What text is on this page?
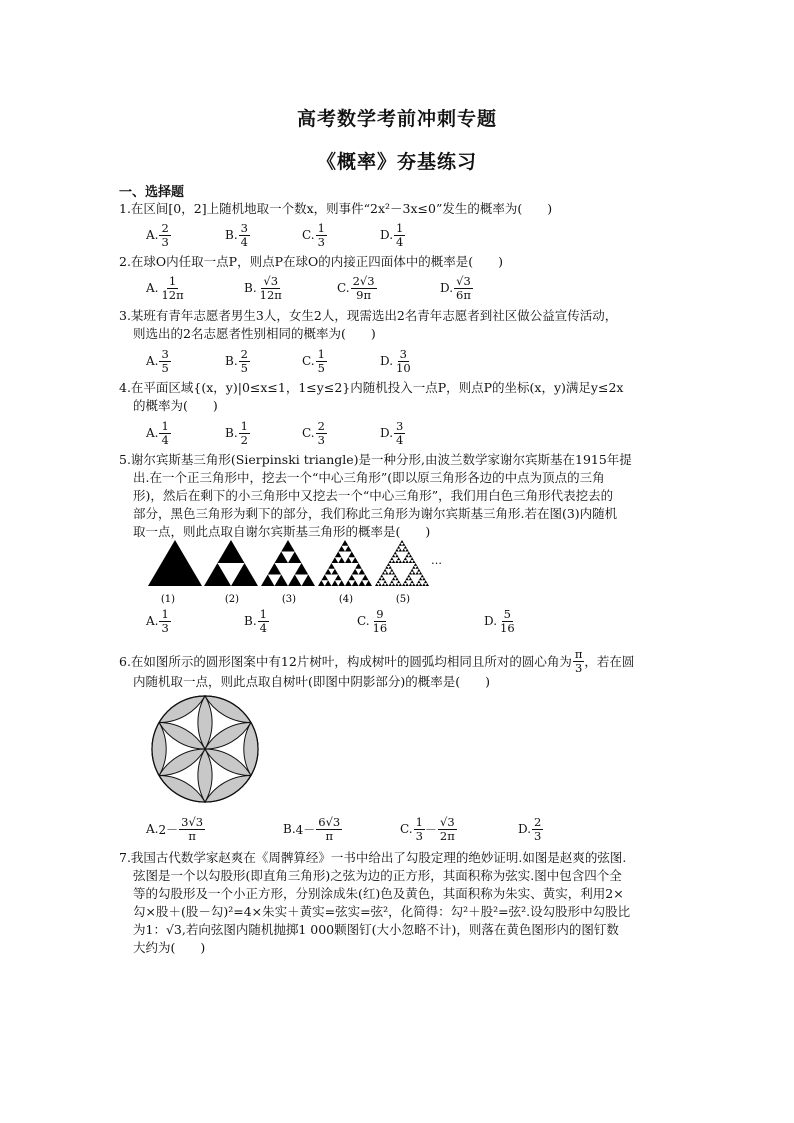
高考数学考前冲刺专题
《概率》夯基练习
一、选择题
1.在区间[0，2]上随机地取一个数x，则事件“2x²－3x≤0”发生的概率为(　　)
A. $\frac{2}{3}$	B. $\frac{3}{4}$	C. $\frac{1}{3}$	D. $\frac{1}{4}$
2.在球O内任取一点P，则点P在球O的内接正四面体中的概率是(　　)
A. $\frac{1}{12\pi}$	B. $\frac{√3}{12\pi}$	C. $\frac{2√3}{9\pi}$	D. $\frac{√3}{6\pi}$
3.某班有青年志愿者男生3人，女生2人，现需选出2名青年志愿者到社区做公益宣传活动，
则选出的2名志愿者性别相同的概率为(　　)
A. $\frac{3}{5}$	B. $\frac{2}{5}$	C. $\frac{1}{5}$	D. $\frac{3}{10}$
4.在平面区域{(x，y)|0≤x≤1，1≤y≤2}内随机投入一点P，则点P的坐标(x，y)满足y≤2x
的概率为(　　)
A. $\frac{1}{4}$	B. $\frac{1}{2}$	C. $\frac{2}{3}$	D. $\frac{3}{4}$
5.谢尔宾斯基三角形(Sierpinski triangle)是一种分形,由波兰数学家谢尔宾斯基在1915年提
出.在一个正三角形中，挖去一个“中心三角形”(即以原三角形各边的中点为顶点的三角
形)，然后在剩下的小三角形中又挖去一个“中心三角形”，我们用白色三角形代表挖去的
部分，黑色三角形为剩下的部分，我们称此三角形为谢尔宾斯基三角形.若在图(3)内随机
取一点，则此点取自谢尔宾斯基三角形的概率是(　　)
(1)	(2)	(3)	(4)	(5)
…
A. $\frac{1}{3}$	B. $\frac{1}{4}$	C. $\frac{9}{16}$	D. $\frac{5}{16}$
6.在如图所示的圆形图案中有12片树叶，构成树叶的圆弧均相同且所对的圆心角为 $\frac{\pi}{3}$ ，若在圆
内随机取一点，则此点取自树叶(即图中阴影部分)的概率是(　　)
A. $2- \frac{3√3}{\pi}$	B. $4- \frac{6√3}{\pi}$	C. $\frac{1}{3} - \frac{√3}{2\pi}$	D. $\frac{2}{3}$
7.我国古代数学家赵爽在《周髀算经》一书中给出了勾股定理的绝妙证明.如图是赵爽的弦图.
弦图是一个以勾股形(即直角三角形)之弦为边的正方形，其面积称为弦实.图中包含四个全
等的勾股形及一个小正方形，分别涂成朱(红)色及黄色，其面积称为朱实、黄实，利用2×
勾×股＋(股－勾)²=4×朱实＋黄实=弦实=弦²，化简得：勾²＋股²=弦².设勾股形中勾股比
为1：√3,若向弦图内随机抛掷1 000颗图钉(大小忽略不计)，则落在黄色图形内的图钉数
大约为(　　)
